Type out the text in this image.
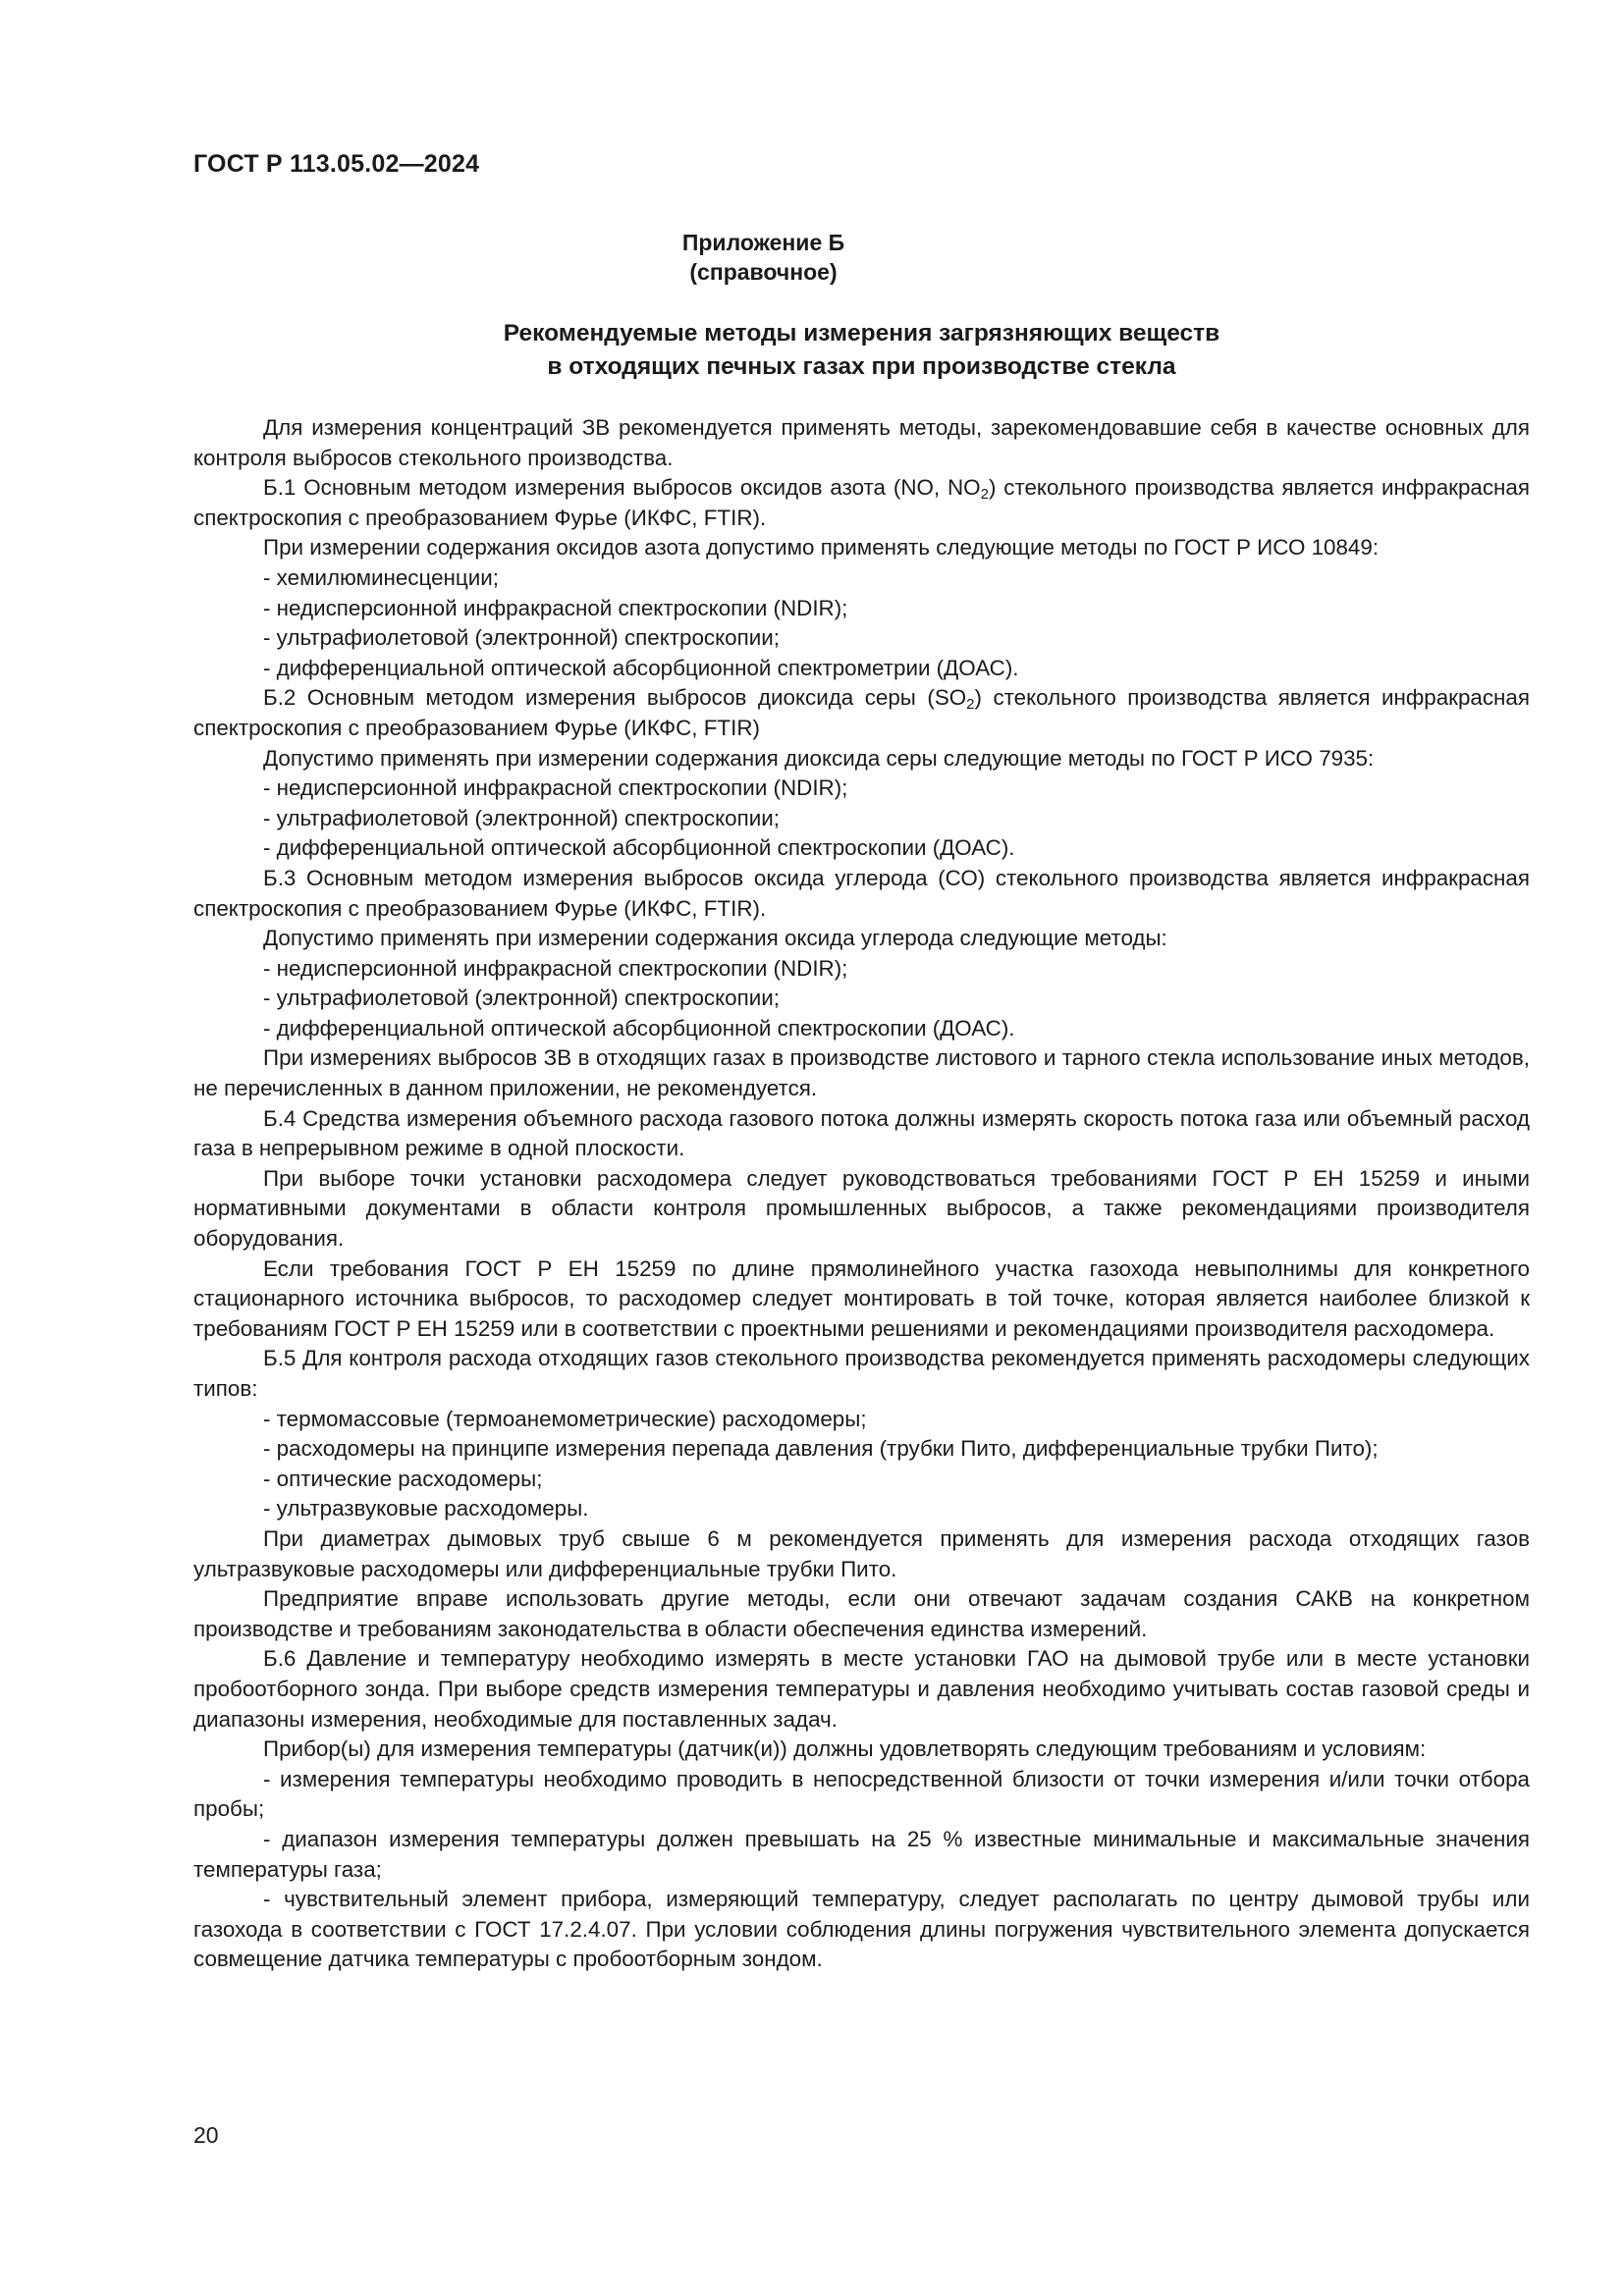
ГОСТ Р 113.05.02—2024
Приложение Б
(справочное)
Рекомендуемые методы измерения загрязняющих веществ
в отходящих печных газах при производстве стекла

Для измерения концентраций ЗВ рекомендуется применять методы, зарекомендовавшие себя в качестве основных для контроля выбросов стекольного производства.

Б.1 Основным методом измерения выбросов оксидов азота (NO, $NO_2$) стекольного производства является инфракрасная спектроскопия с преобразованием Фурье (ИКФС, FTIR).

При измерении содержания оксидов азота допустимо применять следующие методы по ГОСТ Р ИСО 10849:

- хемилюминесценции;

- недисперсионной инфракрасной спектроскопии (NDIR);

- ультрафиолетовой (электронной) спектроскопии;

- дифференциальной оптической абсорбционной спектрометрии (ДОАС).

Б.2 Основным методом измерения выбросов диоксида серы $(SO_2)$ стекольного производства является инфракрасная спектроскопия с преобразованием Фурье (ИКФС, FTIR)

Допустимо применять при измерении содержания диоксида серы следующие методы по ГОСТ Р ИСО 7935:

- недисперсионной инфракрасной спектроскопии (NDIR);

- ультрафиолетовой (электронной) спектроскопии;

- дифференциальной оптической абсорбционной спектроскопии (ДОАС).

Б.3 Основным методом измерения выбросов оксида углерода (СО) стекольного производства является инфракрасная спектроскопия с преобразованием Фурье (ИКФС, FTIR).

Допустимо применять при измерении содержания оксида углерода следующие методы:

- недисперсионной инфракрасной спектроскопии (NDIR);

- ультрафиолетовой (электронной) спектроскопии;

- дифференциальной оптической абсорбционной спектроскопии (ДОАС).

При измерениях выбросов ЗВ в отходящих газах в производстве листового и тарного стекла использование иных методов, не перечисленных в данном приложении, не рекомендуется.

Б.4 Средства измерения объемного расхода газового потока должны измерять скорость потока газа или объемный расход газа в непрерывном режиме в одной плоскости.

При выборе точки установки расходомера следует руководствоваться требованиями ГОСТ Р ЕН 15259 и иными нормативными документами в области контроля промышленных выбросов, а также рекомендациями производителя оборудования.

Если требования ГОСТ Р ЕН 15259 по длине прямолинейного участка газохода невыполнимы для конкретного стационарного источника выбросов, то расходомер следует монтировать в той точке, которая является наиболее близкой к требованиям ГОСТ Р ЕН 15259 или в соответствии с проектными решениями и рекомендациями производителя расходомера.

Б.5 Для контроля расхода отходящих газов стекольного производства рекомендуется применять расходомеры следующих типов:

- термомассовые (термоанемометрические) расходомеры;

- расходомеры на принципе измерения перепада давления (трубки Пито, дифференциальные трубки Пито);

- оптические расходомеры;

- ультразвуковые расходомеры.

При диаметрах дымовых труб свыше 6 м рекомендуется применять для измерения расхода отходящих газов ультразвуковые расходомеры или дифференциальные трубки Пито.

Предприятие вправе использовать другие методы, если они отвечают задачам создания САКВ на конкретном производстве и требованиям законодательства в области обеспечения единства измерений.

Б.6 Давление и температуру необходимо измерять в месте установки ГАО на дымовой трубе или в месте установки пробоотборного зонда. При выборе средств измерения температуры и давления необходимо учитывать состав газовой среды и диапазоны измерения, необходимые для поставленных задач.

Прибор(ы) для измерения температуры (датчик(и)) должны удовлетворять следующим требованиям и условиям:

- измерения температуры необходимо проводить в непосредственной близости от точки измерения и/или точки отбора пробы;

- диапазон измерения температуры должен превышать на 25 % известные минимальные и максимальные значения температуры газа;

- чувствительный элемент прибора, измеряющий температуру, следует располагать по центру дымовой трубы или газохода в соответствии с ГОСТ 17.2.4.07. При условии соблюдения длины погружения чувствительного элемента допускается совмещение датчика температуры с пробоотборным зондом.

20
